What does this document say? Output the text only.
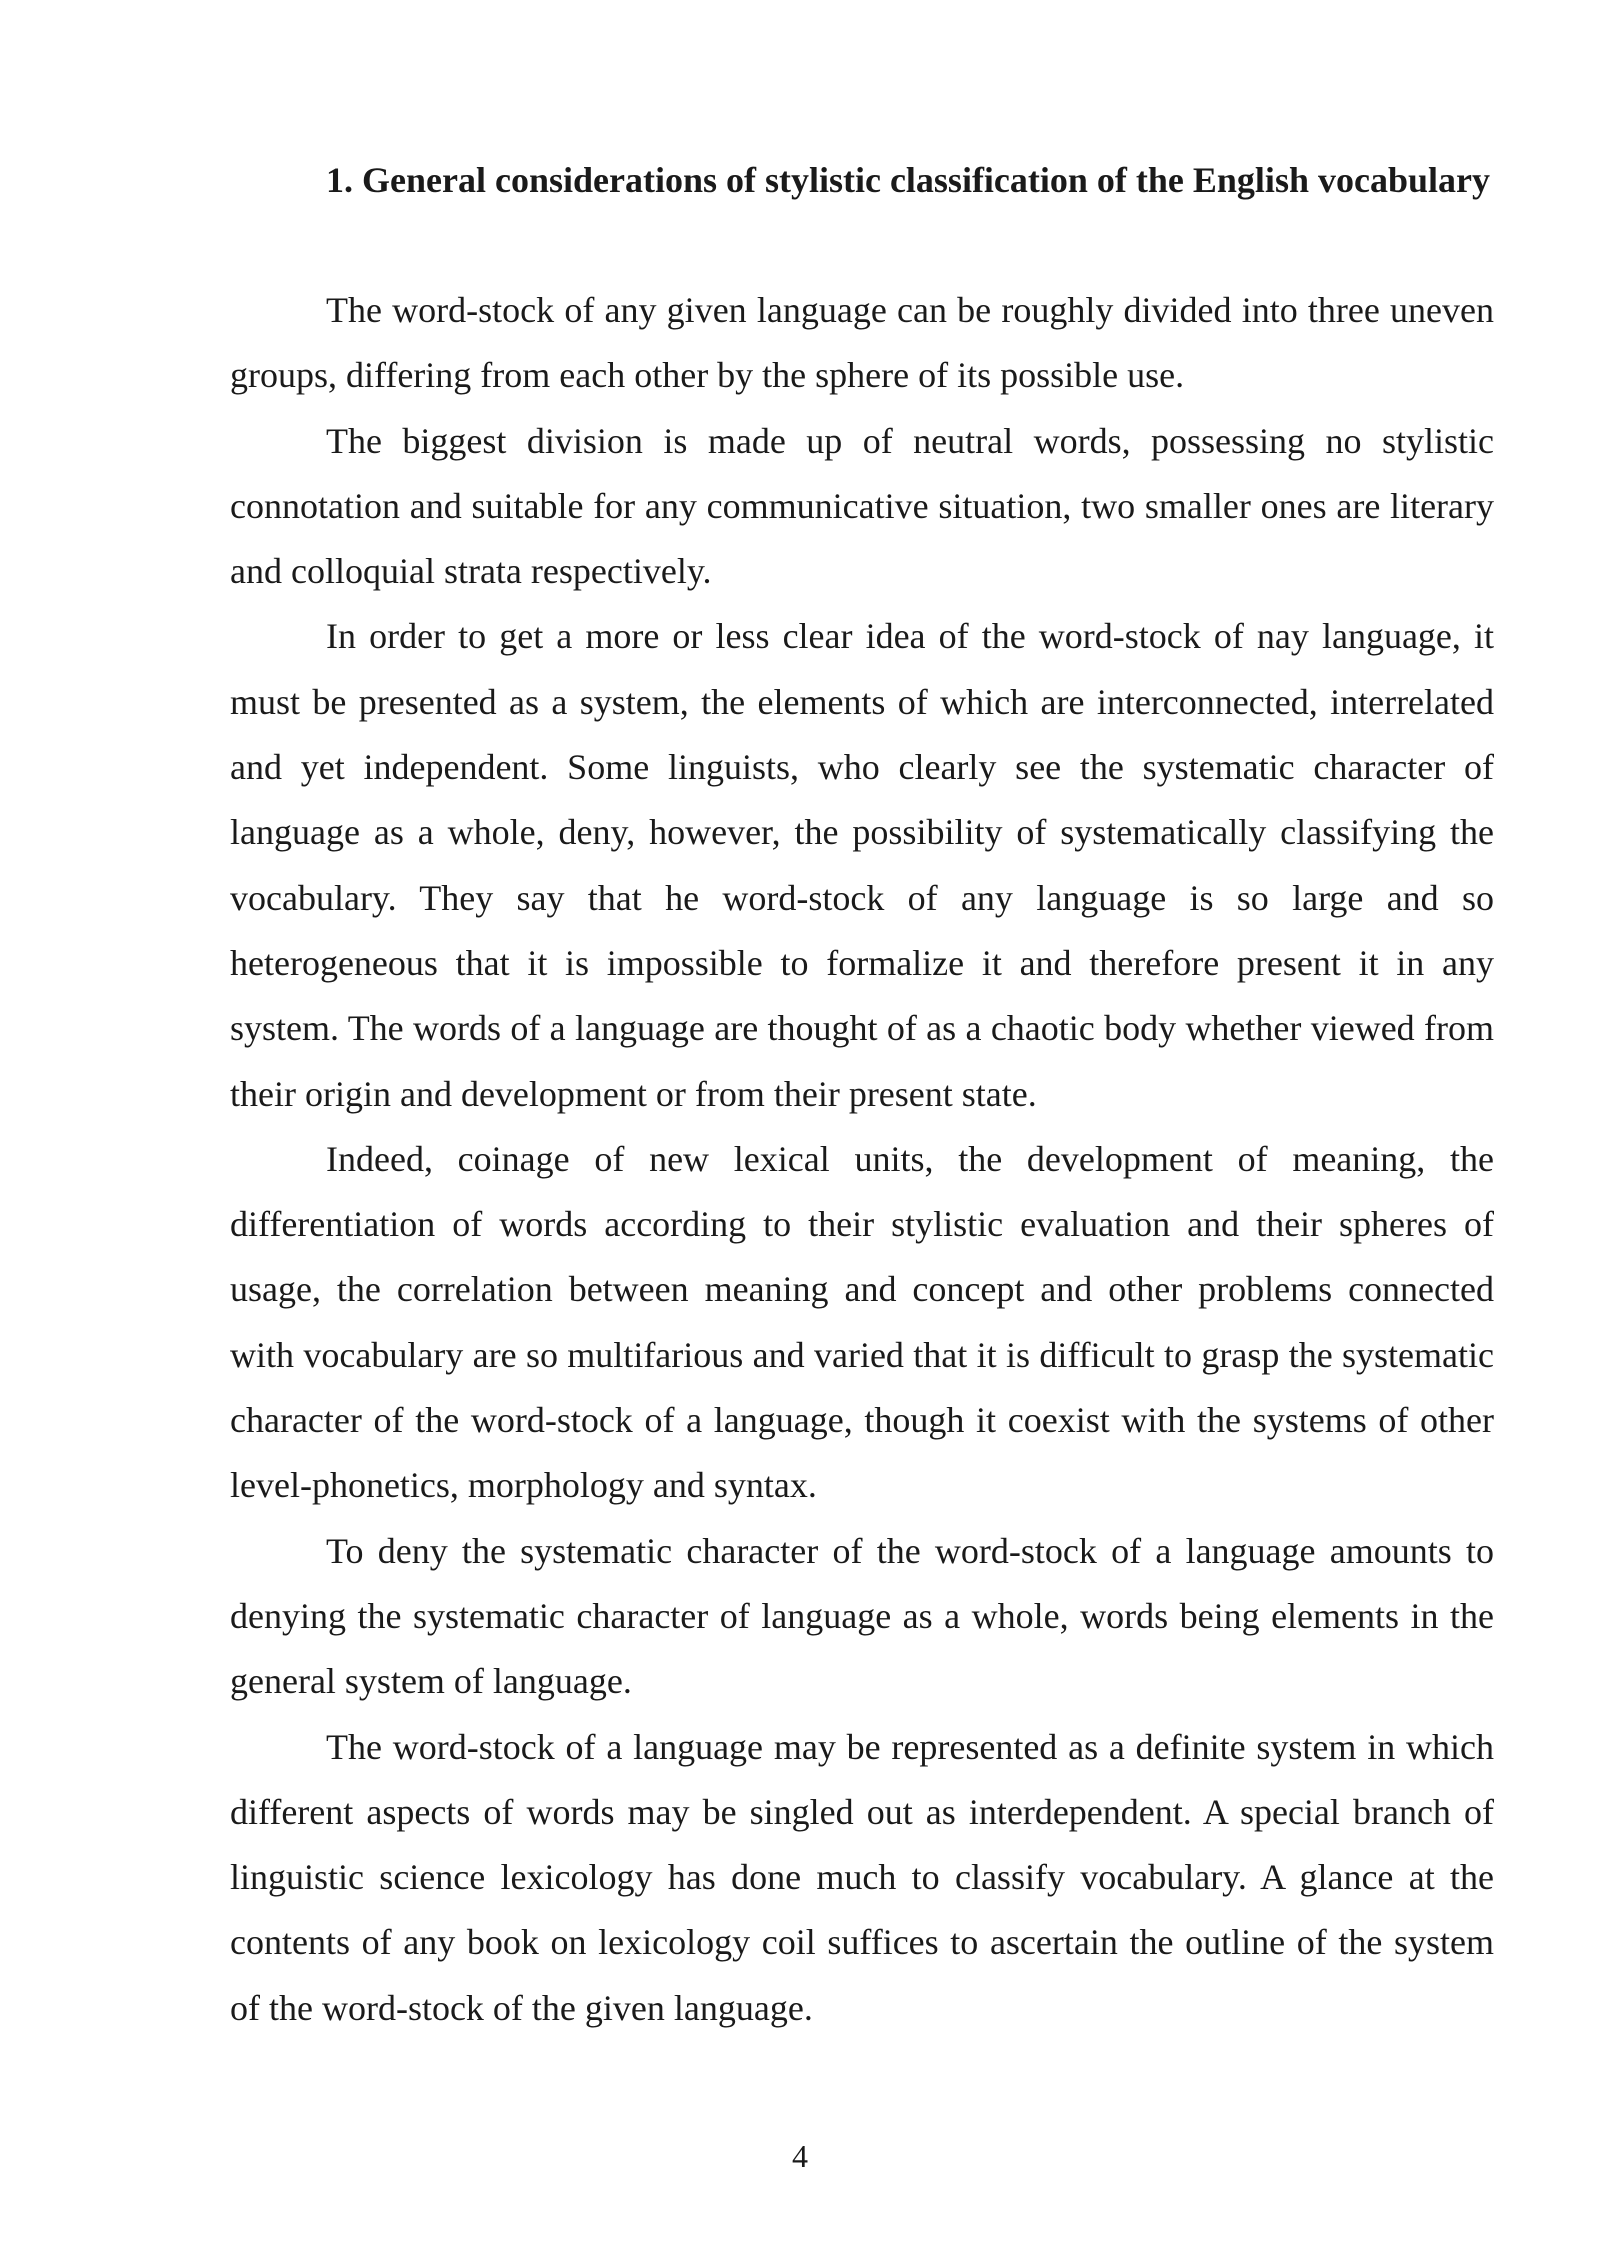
1. General considerations of stylistic classification of the English vocabulary

The word-stock of any given language can be roughly divided into three uneven groups, differing from each other by the sphere of its possible use.

The biggest division is made up of neutral words, possessing no stylistic connotation and suitable for any communicative situation, two smaller ones are literary and colloquial strata respectively.

In order to get a more or less clear idea of the word-stock of nay language, it must be presented as a system, the elements of which are interconnected, interrelated and yet independent. Some linguists, who clearly see the systematic character of language as a whole, deny, however, the possibility of systematically classifying the vocabulary. They say that he word-stock of any language is so large and so heterogeneous that it is impossible to formalize it and therefore present it in any system. The words of a language are thought of as a chaotic body whether viewed from their origin and development or from their present state.

Indeed, coinage of new lexical units, the development of meaning, the differentiation of words according to their stylistic evaluation and their spheres of usage, the correlation between meaning and concept and other problems connected with vocabulary are so multifarious and varied that it is difficult to grasp the systematic character of the word-stock of a language, though it coexist with the systems of other level-phonetics, morphology and syntax.

To deny the systematic character of the word-stock of a language amounts to denying the systematic character of language as a whole, words being elements in the general system of language.

The word-stock of a language may be represented as a definite system in which different aspects of words may be singled out as interdependent. A special branch of linguistic science lexicology has done much to classify vocabulary. A glance at the contents of any book on lexicology coil suffices to ascertain the outline of the system of the word-stock of the given language.

4
